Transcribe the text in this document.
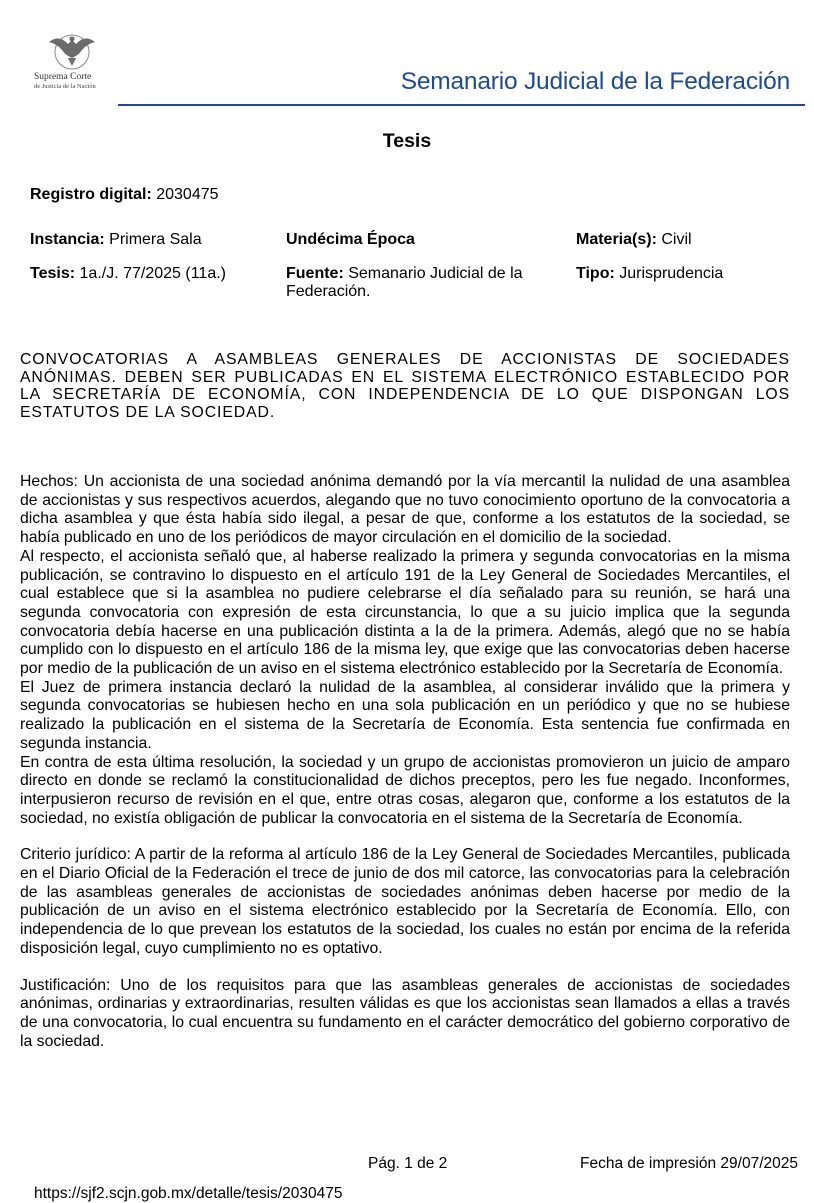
Suprema Corte
de Justicia de la Nación	Semanario Judicial de la Federación
Tesis
Registro digital: 2030475
Instancia: Primera Sala	Undécima Época	Materia(s): Civil
Tesis: 1a./J. 77/2025 (11a.)	Fuente: Semanario Judicial de la Federación.
Tipo: Jurisprudencia
CONVOCATORIAS A ASAMBLEAS GENERALES DE ACCIONISTAS DE SOCIEDADES ANÓNIMAS. DEBEN SER PUBLICADAS EN EL SISTEMA ELECTRÓNICO ESTABLECIDO POR LA SECRETARÍA DE ECONOMÍA, CON INDEPENDENCIA DE LO QUE DISPONGAN LOS ESTATUTOS DE LA SOCIEDAD.

Hechos: Un accionista de una sociedad anónima demandó por la vía mercantil la nulidad de una asamblea de accionistas y sus respectivos acuerdos, alegando que no tuvo conocimiento oportuno de la convocatoria a dicha asamblea y que ésta había sido ilegal, a pesar de que, conforme a los estatutos de la sociedad, se había publicado en uno de los periódicos de mayor circulación en el domicilio de la sociedad.

Al respecto, el accionista señaló que, al haberse realizado la primera y segunda convocatorias en la misma publicación, se contravino lo dispuesto en el artículo 191 de la Ley General de Sociedades Mercantiles, el cual establece que si la asamblea no pudiere celebrarse el día señalado para su reunión, se hará una segunda convocatoria con expresión de esta circunstancia, lo que a su juicio implica que la segunda convocatoria debía hacerse en una publicación distinta a la de la primera. Además, alegó que no se había cumplido con lo dispuesto en el artículo 186 de la misma ley, que exige que las convocatorias deben hacerse por medio de la publicación de un aviso en el sistema electrónico establecido por la Secretaría de Economía.

El Juez de primera instancia declaró la nulidad de la asamblea, al considerar inválido que la primera y segunda convocatorias se hubiesen hecho en una sola publicación en un periódico y que no se hubiese realizado la publicación en el sistema de la Secretaría de Economía. Esta sentencia fue confirmada en segunda instancia.

En contra de esta última resolución, la sociedad y un grupo de accionistas promovieron un juicio de amparo directo en donde se reclamó la constitucionalidad de dichos preceptos, pero les fue negado. Inconformes, interpusieron recurso de revisión en el que, entre otras cosas, alegaron que, conforme a los estatutos de la sociedad, no existía obligación de publicar la convocatoria en el sistema de la Secretaría de Economía.

Criterio jurídico: A partir de la reforma al artículo 186 de la Ley General de Sociedades Mercantiles, publicada en el Diario Oficial de la Federación el trece de junio de dos mil catorce, las convocatorias para la celebración de las asambleas generales de accionistas de sociedades anónimas deben hacerse por medio de la publicación de un aviso en el sistema electrónico establecido por la Secretaría de Economía. Ello, con independencia de lo que prevean los estatutos de la sociedad, los cuales no están por encima de la referida disposición legal, cuyo cumplimiento no es optativo.

Justificación: Uno de los requisitos para que las asambleas generales de accionistas de sociedades anónimas, ordinarias y extraordinarias, resulten válidas es que los accionistas sean llamados a ellas a través de una convocatoria, lo cual encuentra su fundamento en el carácter democrático del gobierno corporativo de la sociedad.

Pág. 1 de 2	Fecha de impresión 29/07/2025
https://sjf2.scjn.gob.mx/detalle/tesis/2030475
